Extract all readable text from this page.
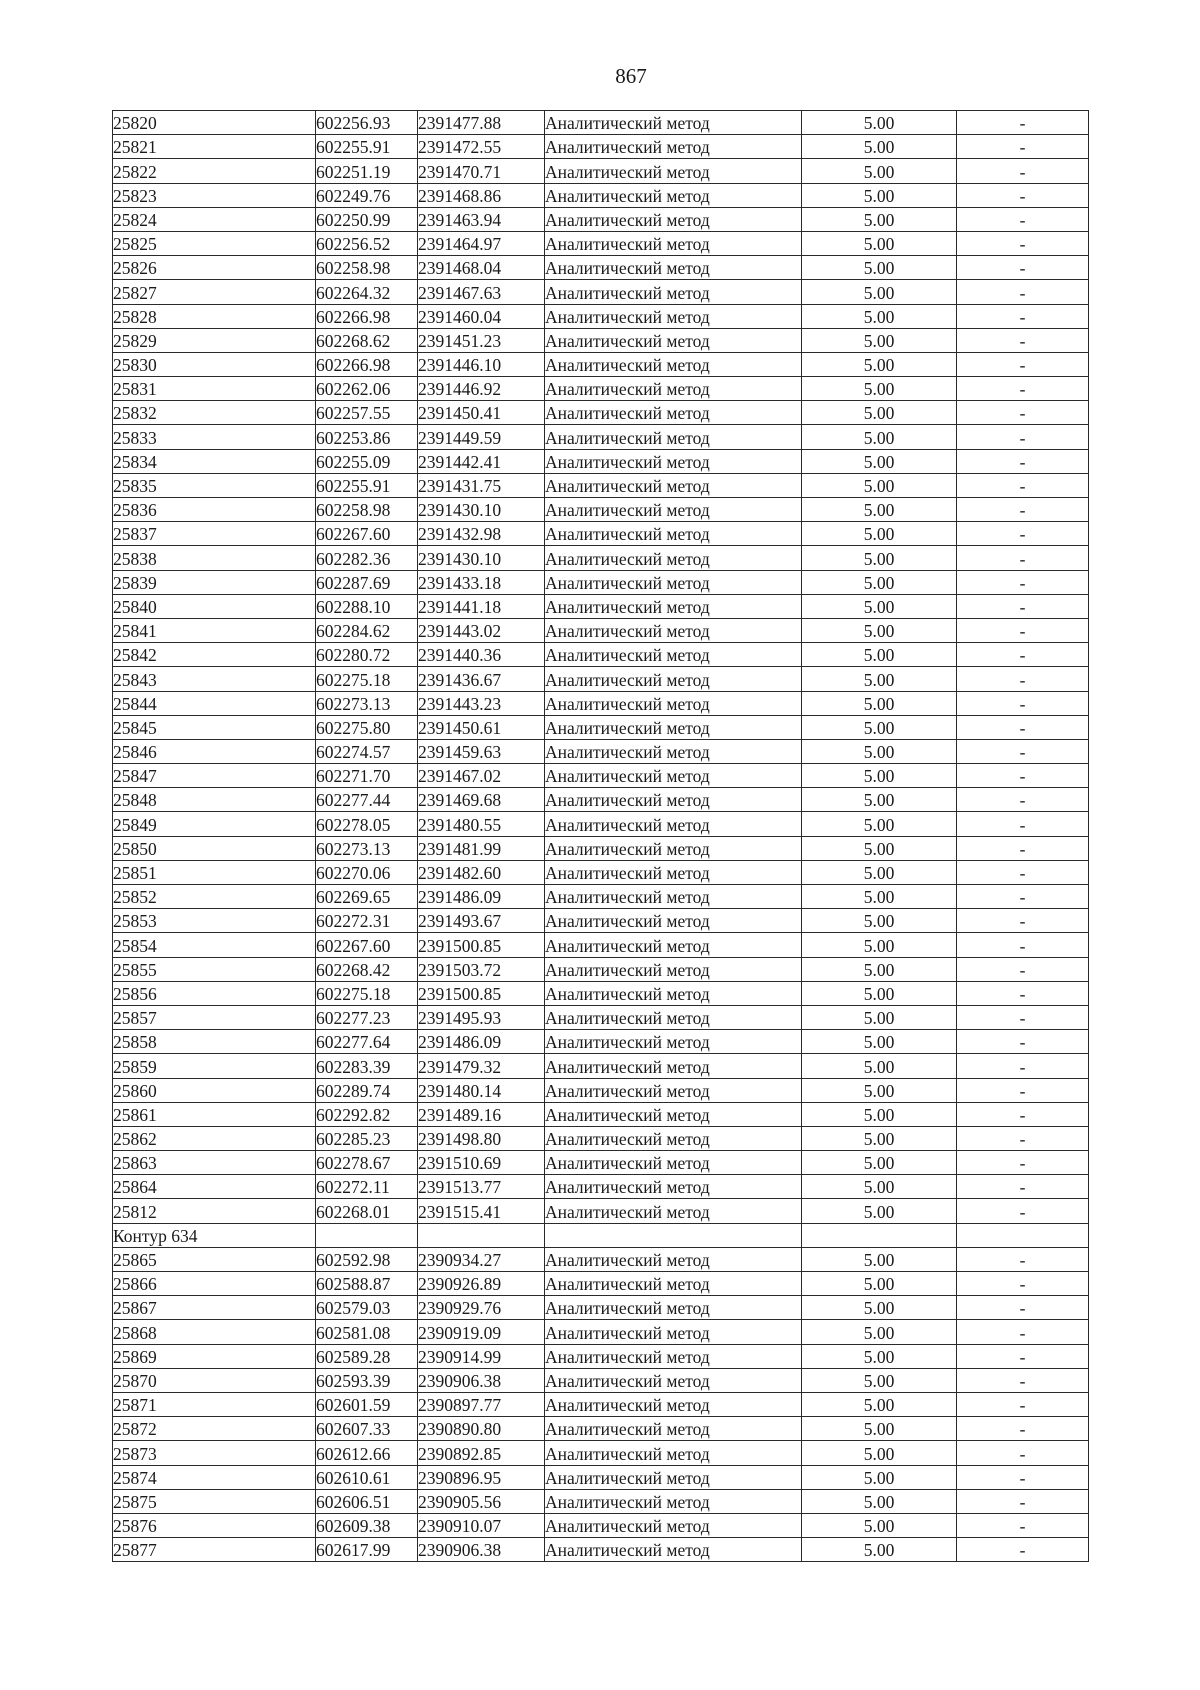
867
25820	602256.93	2391477.88	Аналитический метод	5.00	-
25821	602255.91	2391472.55	Аналитический метод	5.00	-
25822	602251.19	2391470.71	Аналитический метод	5.00	-
25823	602249.76	2391468.86	Аналитический метод	5.00	-
25824	602250.99	2391463.94	Аналитический метод	5.00	-
25825	602256.52	2391464.97	Аналитический метод	5.00	-
25826	602258.98	2391468.04	Аналитический метод	5.00	-
25827	602264.32	2391467.63	Аналитический метод	5.00	-
25828	602266.98	2391460.04	Аналитический метод	5.00	-
25829	602268.62	2391451.23	Аналитический метод	5.00	-
25830	602266.98	2391446.10	Аналитический метод	5.00	-
25831	602262.06	2391446.92	Аналитический метод	5.00	-
25832	602257.55	2391450.41	Аналитический метод	5.00	-
25833	602253.86	2391449.59	Аналитический метод	5.00	-
25834	602255.09	2391442.41	Аналитический метод	5.00	-
25835	602255.91	2391431.75	Аналитический метод	5.00	-
25836	602258.98	2391430.10	Аналитический метод	5.00	-
25837	602267.60	2391432.98	Аналитический метод	5.00	-
25838	602282.36	2391430.10	Аналитический метод	5.00	-
25839	602287.69	2391433.18	Аналитический метод	5.00	-
25840	602288.10	2391441.18	Аналитический метод	5.00	-
25841	602284.62	2391443.02	Аналитический метод	5.00	-
25842	602280.72	2391440.36	Аналитический метод	5.00	-
25843	602275.18	2391436.67	Аналитический метод	5.00	-
25844	602273.13	2391443.23	Аналитический метод	5.00	-
25845	602275.80	2391450.61	Аналитический метод	5.00	-
25846	602274.57	2391459.63	Аналитический метод	5.00	-
25847	602271.70	2391467.02	Аналитический метод	5.00	-
25848	602277.44	2391469.68	Аналитический метод	5.00	-
25849	602278.05	2391480.55	Аналитический метод	5.00	-
25850	602273.13	2391481.99	Аналитический метод	5.00	-
25851	602270.06	2391482.60	Аналитический метод	5.00	-
25852	602269.65	2391486.09	Аналитический метод	5.00	-
25853	602272.31	2391493.67	Аналитический метод	5.00	-
25854	602267.60	2391500.85	Аналитический метод	5.00	-
25855	602268.42	2391503.72	Аналитический метод	5.00	-
25856	602275.18	2391500.85	Аналитический метод	5.00	-
25857	602277.23	2391495.93	Аналитический метод	5.00	-
25858	602277.64	2391486.09	Аналитический метод	5.00	-
25859	602283.39	2391479.32	Аналитический метод	5.00	-
25860	602289.74	2391480.14	Аналитический метод	5.00	-
25861	602292.82	2391489.16	Аналитический метод	5.00	-
25862	602285.23	2391498.80	Аналитический метод	5.00	-
25863	602278.67	2391510.69	Аналитический метод	5.00	-
25864	602272.11	2391513.77	Аналитический метод	5.00	-
25812	602268.01	2391515.41	Аналитический метод	5.00	-
Контур 634					
25865	602592.98	2390934.27	Аналитический метод	5.00	-
25866	602588.87	2390926.89	Аналитический метод	5.00	-
25867	602579.03	2390929.76	Аналитический метод	5.00	-
25868	602581.08	2390919.09	Аналитический метод	5.00	-
25869	602589.28	2390914.99	Аналитический метод	5.00	-
25870	602593.39	2390906.38	Аналитический метод	5.00	-
25871	602601.59	2390897.77	Аналитический метод	5.00	-
25872	602607.33	2390890.80	Аналитический метод	5.00	-
25873	602612.66	2390892.85	Аналитический метод	5.00	-
25874	602610.61	2390896.95	Аналитический метод	5.00	-
25875	602606.51	2390905.56	Аналитический метод	5.00	-
25876	602609.38	2390910.07	Аналитический метод	5.00	-
25877	602617.99	2390906.38	Аналитический метод	5.00	-
